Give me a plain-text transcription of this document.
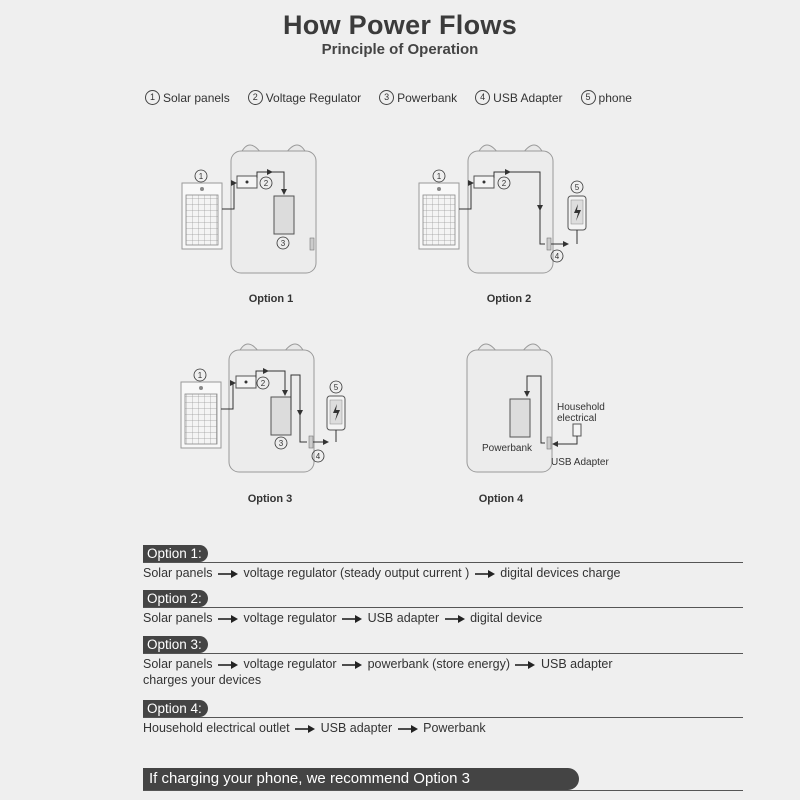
How Power Flows
Principle of Operation
1 Solar panels	2 Voltage Regulator	3 Powerbank	4 USB Adapter	5 phone
1
2
3
Option 1
1
2
4
5
Option 2
1
2
3
4
5
Option 3
Household
electrical
Powerbank
USB Adapter
Option 4
Option 1:
Solar panels voltage regulator (steady output current ) digital devices charge
Option 2:
Solar panels voltage regulator USB adapter digital device
Option 3:
Solar panels voltage regulator powerbank (store energy) USB adapter
charges your devices
Option 4:
Household electrical outlet USB adapter Powerbank
If charging your phone, we recommend Option 3
